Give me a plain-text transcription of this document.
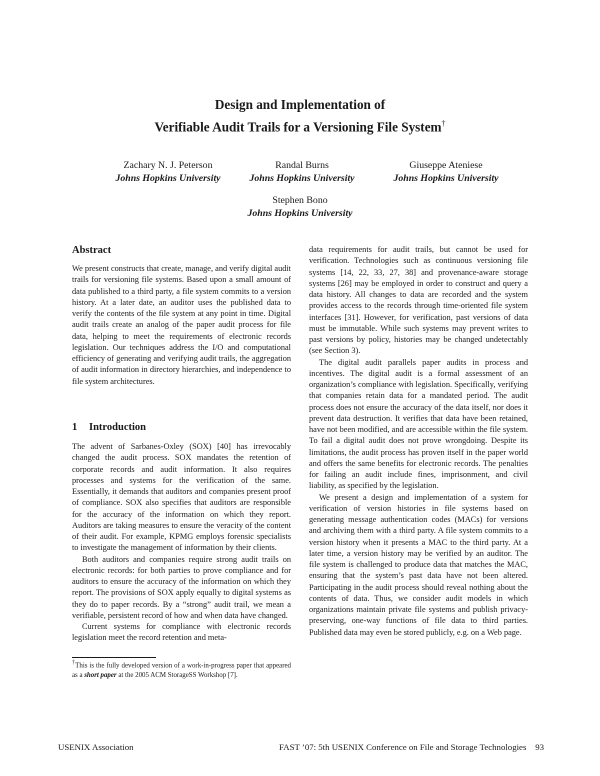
Design and Implementation of
Verifiable Audit Trails for a Versioning File System†
Zachary N. J. Peterson
Johns Hopkins University
Randal Burns
Johns Hopkins University
Giuseppe Ateniese
Johns Hopkins University
Stephen Bono
Johns Hopkins University
Abstract

We present constructs that create, manage, and verify digital audit trails for versioning file systems. Based upon a small amount of data published to a third party, a file system commits to a version history. At a later date, an auditor uses the published data to verify the contents of the file system at any point in time. Digital audit trails create an analog of the paper audit process for file data, helping to meet the requirements of electronic records legislation. Our techniques address the I/O and computational efficiency of generating and verifying audit trails, the aggregation of audit information in directory hierarchies, and independence to file system architectures.

1 Introduction

The advent of Sarbanes-Oxley (SOX) [40] has irrevocably changed the audit process. SOX mandates the retention of corporate records and audit information. It also requires processes and systems for the verification of the same. Essentially, it demands that auditors and companies present proof of compliance. SOX also specifies that auditors are responsible for the accuracy of the information on which they report. Auditors are taking measures to ensure the veracity of the content of their audit. For example, KPMG employs forensic specialists to investigate the management of information by their clients.

Both auditors and companies require strong audit trails on electronic records: for both parties to prove compliance and for auditors to ensure the accuracy of the information on which they report. The provisions of SOX apply equally to digital systems as they do to paper records. By a “strong” audit trail, we mean a verifiable, persistent record of how and when data have changed.

Current systems for compliance with electronic records legislation meet the record retention and meta-

†This is the fully developed version of a work-in-progress paper that appeared as a short paper at the 2005 ACM StorageSS Workshop [7].

data requirements for audit trails, but cannot be used for verification. Technologies such as continuous versioning file systems [14, 22, 33, 27, 38] and provenance-aware storage systems [26] may be employed in order to construct and query a data history. All changes to data are recorded and the system provides access to the records through time-oriented file system interfaces [31]. However, for verification, past versions of data must be immutable. While such systems may prevent writes to past versions by policy, histories may be changed undetectably (see Section 3).

The digital audit parallels paper audits in process and incentives. The digital audit is a formal assessment of an organization’s compliance with legislation. Specifically, verifying that companies retain data for a mandated period. The audit process does not ensure the accuracy of the data itself, nor does it prevent data destruction. It verifies that data have been retained, have not been modified, and are accessible within the file system. To fail a digital audit does not prove wrongdoing. Despite its limitations, the audit process has proven itself in the paper world and offers the same benefits for electronic records. The penalties for failing an audit include fines, imprisonment, and civil liability, as specified by the legislation.

We present a design and implementation of a system for verification of version histories in file systems based on generating message authentication codes (MACs) for versions and archiving them with a third party. A file system commits to a version history when it presents a MAC to the third party. At a later time, a version history may be verified by an auditor. The file system is challenged to produce data that matches the MAC, ensuring that the system’s past data have not been altered. Participating in the audit process should reveal nothing about the contents of data. Thus, we consider audit models in which organizations maintain private file systems and publish privacy-preserving, one-way functions of file data to third parties. Published data may even be stored publicly, e.g. on a Web page.

USENIX Association	FAST ’07: 5th USENIX Conference on File and Storage Technologies	93
